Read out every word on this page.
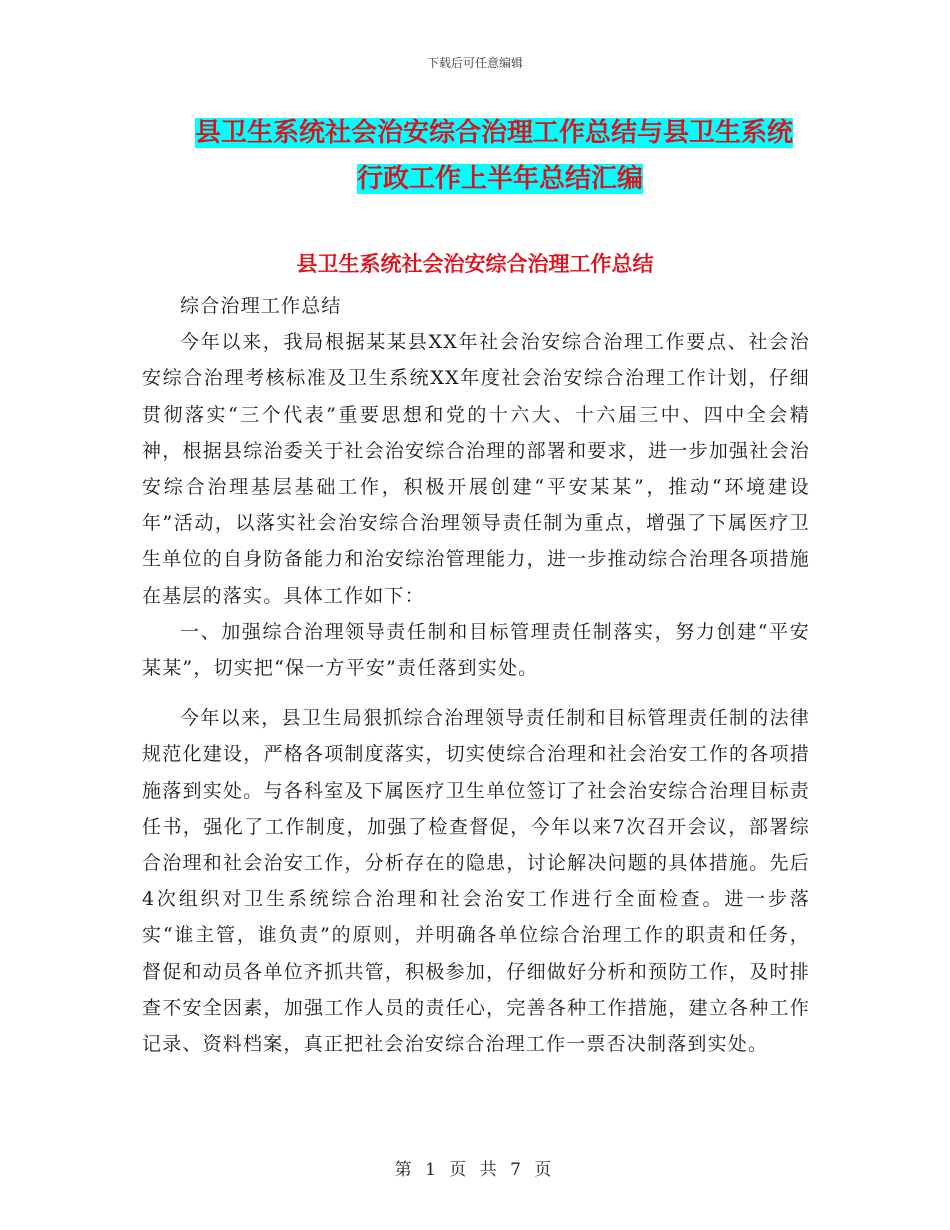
下载后可任意编辑
县卫生系统社会治安综合治理工作总结与县卫生系统
行政工作上半年总结汇编
县卫生系统社会治安综合治理工作总结

综合治理工作总结

今年以来，我局根据某某县XX年社会治安综合治理工作要点、社会治安综合治理考核标准及卫生系统XX年度社会治安综合治理工作计划，仔细贯彻落实“三个代表”重要思想和党的十六大、十六届三中、四中全会精神，根据县综治委关于社会治安综合治理的部署和要求，进一步加强社会治安综合治理基层基础工作，积极开展创建“平安某某”，推动“环境建设年”活动，以落实社会治安综合治理领导责任制为重点，增强了下属医疗卫生单位的自身防备能力和治安综治管理能力，进一步推动综合治理各项措施在基层的落实。具体工作如下：

一、加强综合治理领导责任制和目标管理责任制落实，努力创建“平安某某”，切实把“保一方平安”责任落到实处。

今年以来，县卫生局狠抓综合治理领导责任制和目标管理责任制的法律规范化建设，严格各项制度落实，切实使综合治理和社会治安工作的各项措施落到实处。与各科室及下属医疗卫生单位签订了社会治安综合治理目标责任书，强化了工作制度，加强了检查督促，今年以来7次召开会议，部署综合治理和社会治安工作，分析存在的隐患，讨论解决问题的具体措施。先后4次组织对卫生系统综合治理和社会治安工作进行全面检查。进一步落实“谁主管，谁负责”的原则，并明确各单位综合治理工作的职责和任务，督促和动员各单位齐抓共管，积极参加，仔细做好分析和预防工作，及时排查不安全因素，加强工作人员的责任心，完善各种工作措施，建立各种工作记录、资料档案，真正把社会治安综合治理工作一票否决制落到实处。

第 1 页 共 7 页
